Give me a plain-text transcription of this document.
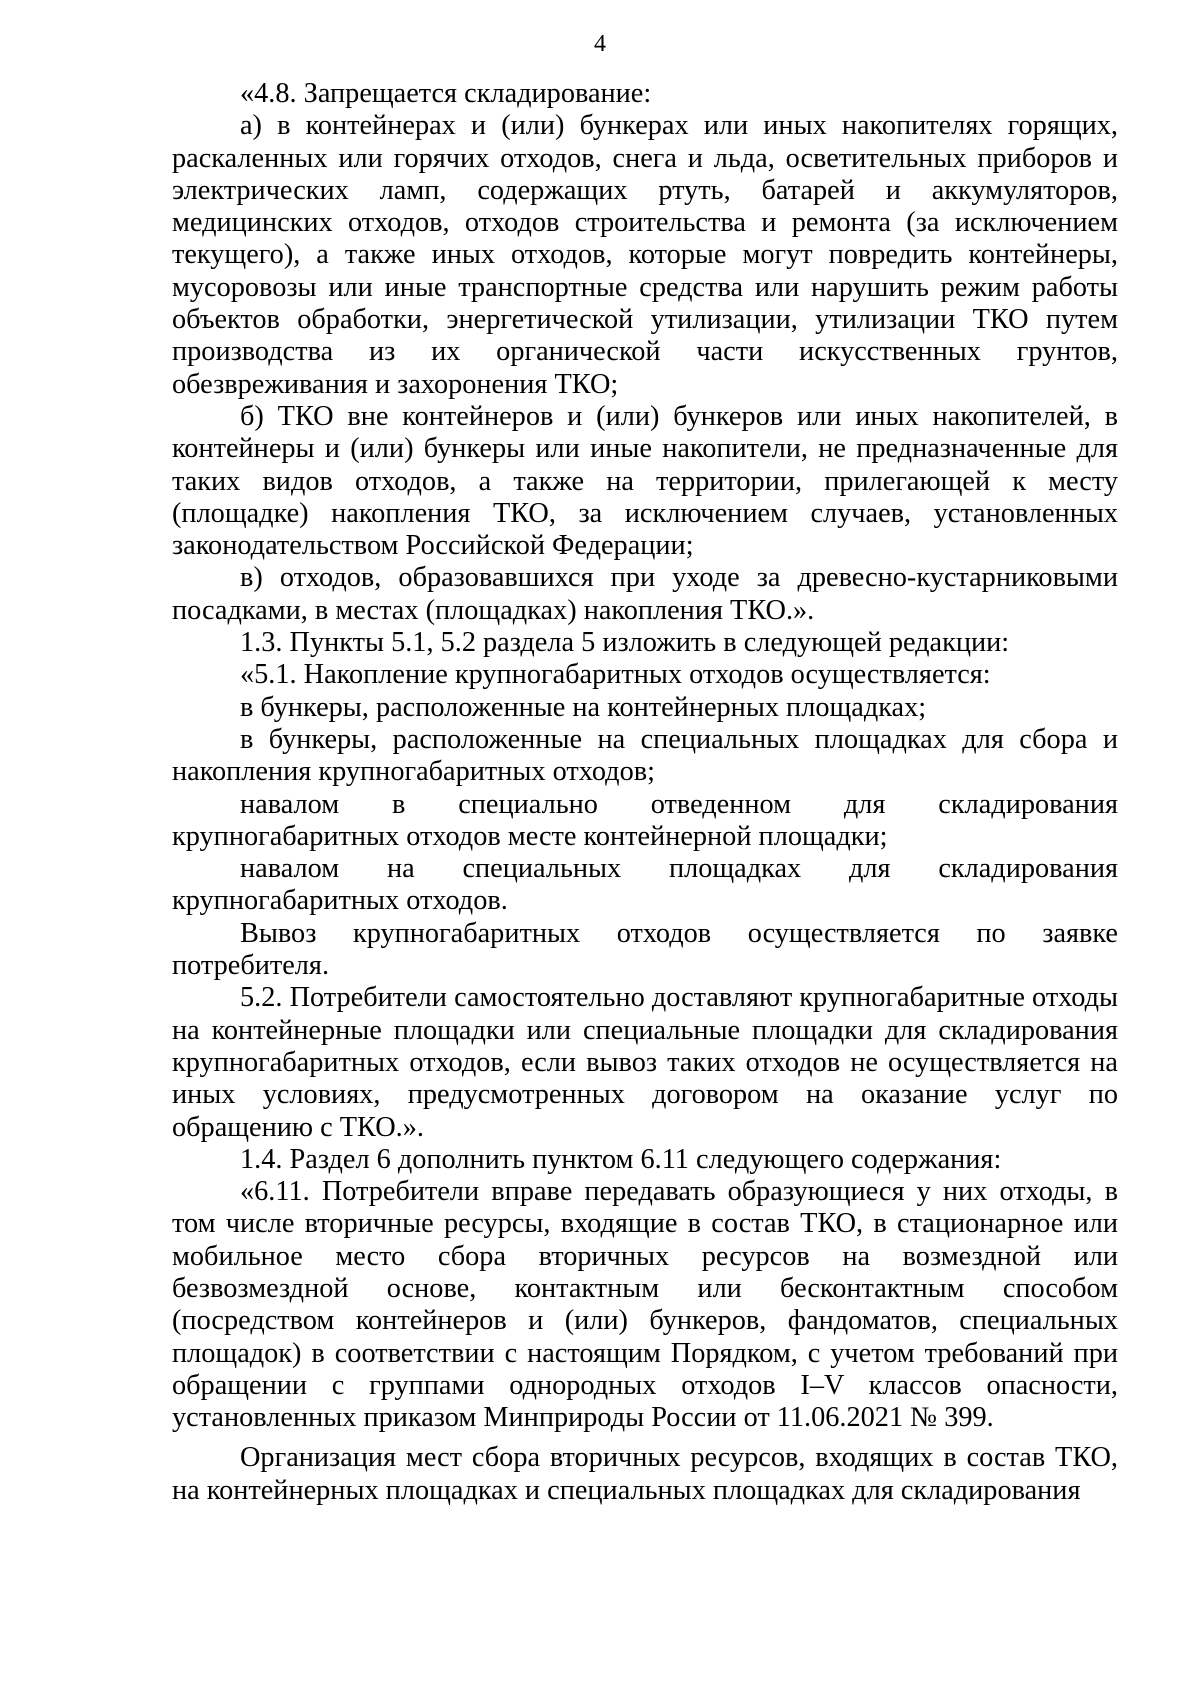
4

«4.8. Запрещается складирование:

а) в контейнерах и (или) бункерах или иных накопителях горящих, раскаленных или горячих отходов, снега и льда, осветительных приборов и электрических ламп, содержащих ртуть, батарей и аккумуляторов, медицинских отходов, отходов строительства и ремонта (за исключением текущего), а также иных отходов, которые могут повредить контейнеры, мусоровозы или иные транспортные средства или нарушить режим работы объектов обработки, энергетической утилизации, утилизации ТКО путем производства из их органической части искусственных грунтов, обезвреживания и захоронения ТКО;

б) ТКО вне контейнеров и (или) бункеров или иных накопителей, в контейнеры и (или) бункеры или иные накопители, не предназначенные для таких видов отходов, а также на территории, прилегающей к месту (площадке) накопления ТКО, за исключением случаев, установленных законодательством Российской Федерации;

в) отходов, образовавшихся при уходе за древесно-кустарниковыми посадками, в местах (площадках) накопления ТКО.».

1.3. Пункты 5.1, 5.2 раздела 5 изложить в следующей редакции:

«5.1. Накопление крупногабаритных отходов осуществляется:

в бункеры, расположенные на контейнерных площадках;

в бункеры, расположенные на специальных площадках для сбора и накопления крупногабаритных отходов;

навалом в специально отведенном для складирования крупногабаритных отходов месте контейнерной площадки;

навалом на специальных площадках для складирования крупногабаритных отходов.

Вывоз крупногабаритных отходов осуществляется по заявке потребителя.

5.2. Потребители самостоятельно доставляют крупногабаритные отходы на контейнерные площадки или специальные площадки для складирования крупногабаритных отходов, если вывоз таких отходов не осуществляется на иных условиях, предусмотренных договором на оказание услуг по обращению с ТКО.».

1.4. Раздел 6 дополнить пунктом 6.11 следующего содержания:

«6.11. Потребители вправе передавать образующиеся у них отходы, в том числе вторичные ресурсы, входящие в состав ТКО, в стационарное или мобильное место сбора вторичных ресурсов на возмездной или безвозмездной основе, контактным или бесконтактным способом (посредством контейнеров и (или) бункеров, фандоматов, специальных площадок) в соответствии с настоящим Порядком, с учетом требований при обращении с группами однородных отходов I–V классов опасности, установленных приказом Минприроды России от 11.06.2021 № 399.

Организация мест сбора вторичных ресурсов, входящих в состав ТКО, на контейнерных площадках и специальных площадках для складирования
